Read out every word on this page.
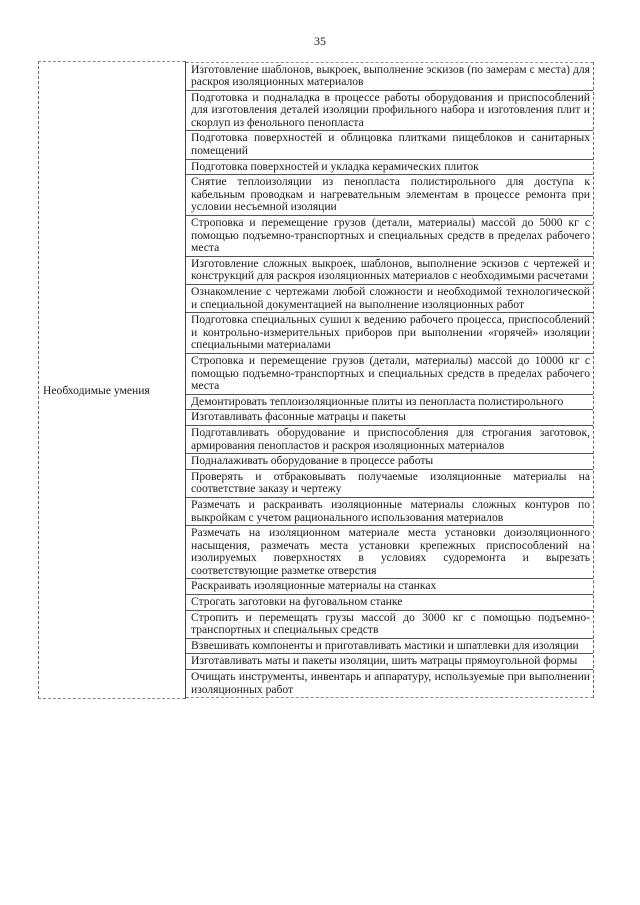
35
Необходимые умения

Изготовление шаблонов, выкроек, выполнение эскизов (по замерам с места) для раскроя изоляционных материалов
Подготовка и подналадка в процессе работы оборудования и приспособлений для изготовления деталей изоляции профильного набора и изготовления плит и скорлуп из фенольного пенопласта
Подготовка поверхностей и облицовка плитками пищеблоков и санитарных помещений
Подготовка поверхностей и укладка керамических плиток
Снятие теплоизоляции из пенопласта полистирольного для доступа к кабельным проводкам и нагревательным элементам в процессе ремонта при условии несъемной изоляции
Строповка и перемещение грузов (детали, материалы) массой до 5000 кг с помощью подъемно-транспортных и специальных средств в пределах рабочего места
Изготовление сложных выкроек, шаблонов, выполнение эскизов с чертежей и конструкций для раскроя изоляционных материалов с необходимыми расчетами
Ознакомление с чертежами любой сложности и необходимой технологической и специальной документацией на выполнение изоляционных работ
Подготовка специальных сушил к ведению рабочего процесса, приспособлений и контрольно-измерительных приборов при выполнении «горячей» изоляции специальными материалами
Строповка и перемещение грузов (детали, материалы) массой до 10000 кг с помощью подъемно-транспортных и специальных средств в пределах рабочего места
Демонтировать теплоизоляционные плиты из пенопласта полистирольного
Изготавливать фасонные матрацы и пакеты
Подготавливать оборудование и приспособления для строгания заготовок, армирования пенопластов и раскроя изоляционных материалов
Подналаживать оборудование в процессе работы
Проверять и отбраковывать получаемые изоляционные материалы на соответствие заказу и чертежу
Размечать и раскраивать изоляционные материалы сложных контуров по выкройкам с учетом рационального использования материалов
Размечать на изоляционном материале места установки доизоляционного насыщения, размечать места установки крепежных приспособлений на изолируемых поверхностях в условиях судоремонта и вырезать соответствующие разметке отверстия
Раскраивать изоляционные материалы на станках
Строгать заготовки на фуговальном станке
Стропить и перемещать грузы массой до 3000 кг с помощью подъемно-транспортных и специальных средств
Взвешивать компоненты и приготавливать мастики и шпатлевки для изоляции
Изготавливать маты и пакеты изоляции, шить матрацы прямоугольной формы
Очищать инструменты, инвентарь и аппаратуру, используемые при выполнении изоляционных работ
